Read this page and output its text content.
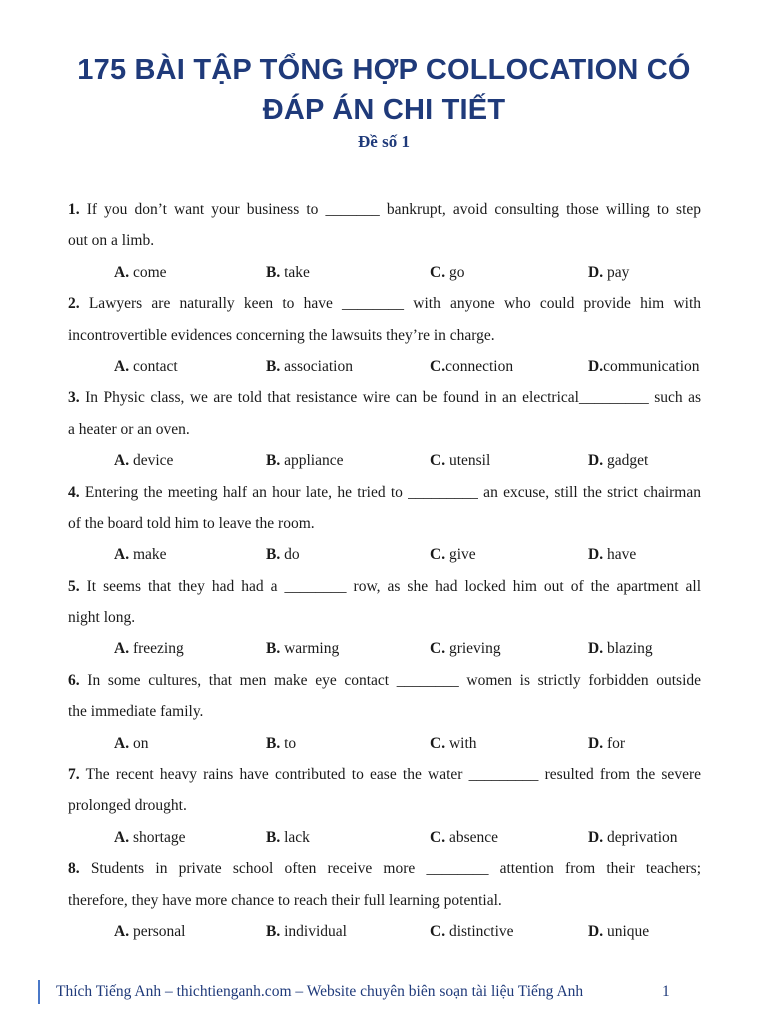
175 BÀI TẬP TỔNG HỢP COLLOCATION CÓ
ĐÁP ÁN CHI TIẾT
Đề số 1
1. If you don’t want your business to _______ bankrupt, avoid consulting those willing to step
out on a limb.
A. come	B. take	C. go	D. pay
2. Lawyers are naturally keen to have ________ with anyone who could provide him with
incontrovertible evidences concerning the lawsuits they’re in charge.
A. contact	B. association	C.connection	D.communication
3. In Physic class, we are told that resistance wire can be found in an electrical_________ such as
a heater or an oven.
A. device	B. appliance	C. utensil	D. gadget
4. Entering the meeting half an hour late, he tried to _________ an excuse, still the strict chairman
of the board told him to leave the room.
A. make	B. do	C. give	D. have
5. It seems that they had had a ________ row, as she had locked him out of the apartment all
night long.
A. freezing	B. warming	C. grieving	D. blazing
6. In some cultures, that men make eye contact ________ women is strictly forbidden outside
the immediate family.
A. on	B. to	C. with	D. for
7. The recent heavy rains have contributed to ease the water _________ resulted from the severe
prolonged drought.
A. shortage	B. lack	C. absence	D. deprivation
8. Students in private school often receive more ________ attention from their teachers;
therefore, they have more chance to reach their full learning potential.
A. personal	B. individual	C. distinctive	D. unique
Thích Tiếng Anh – thichtienganh.com – Website chuyên biên soạn tài liệu Tiếng Anh	1
